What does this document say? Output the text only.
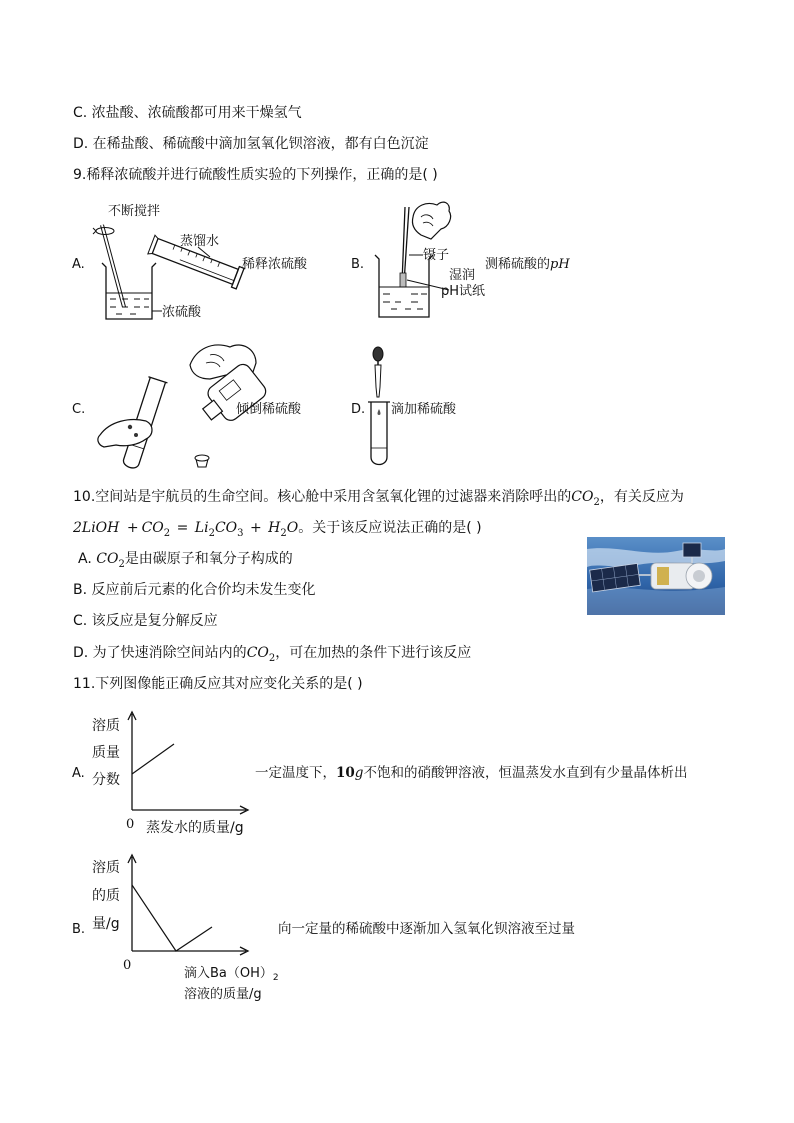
C. 浓盐酸、浓硫酸都可用来干燥氢气
D. 在稀盐酸、稀硫酸中滴加氢氧化钡溶液，都有白色沉淀
9.稀释浓硫酸并进行硫酸性质实验的下列操作，正确的是( )
A.
不断搅拌
浓硫酸
蒸馏水
稀释浓硫酸	B.
镊子
湿润
pH试纸
测稀硫酸的pH
C.	倾倒稀硫酸	D. 滴加稀硫酸
10.空间站是宇航员的生命空间。核心舱中采用含氢氧化锂的过滤器来消除呼出的$CO_2$，有关反应为
2LiOH + $CO_2 = Li_2CO_3 + H_2O$。关于该反应说法正确的是( )
A. $CO_2$是由碳原子和氧分子构成的
B. 反应前后元素的化合价均未发生变化
C. 该反应是复分解反应
D. 为了快速消除空间站内的$CO_2$，可在加热的条件下进行该反应
11.下列图像能正确反应其对应变化关系的是( )
A.
溶质
质量
分数
0 蒸发水的质量/g
一定温度下，10g不饱和的硝酸钾溶液，恒温蒸发水直到有少量晶体析出
B.
溶质
的质
量/g
0
滴入$Ba(OH)_2$
溶液的质量/g
向一定量的稀硫酸中逐渐加入氢氧化钡溶液至过量
